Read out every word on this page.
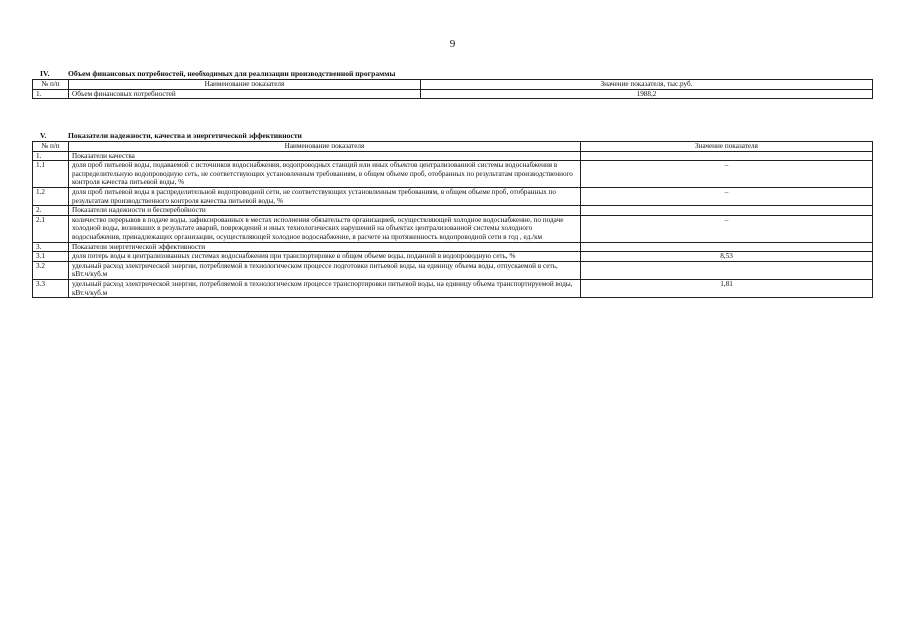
9
IV. Объем финансовых потребностей, необходимых для реализации производственной программы
№ п/п	Наименование показателя	Значение показателя, тыс.руб.
1.	Объем финансовых потребностей	1988,2
V.	Показатели надежности, качества и энергетической эффективности
№ п/п	Наименование показателя	Значение показателя
1.	Показатели качества	
1.1	доля проб питьевой воды, подаваемой с источников водоснабжения, водопроводных станций или иных объектов централизованной системы водоснабжения в распределительную водопроводную сеть, не соответствующих установленным требованиям, в общем объеме проб, отобранных по результатам производственного контроля качества питьевой воды, %	–
1.2	доля проб питьевой воды в распределительной водопроводной сети, не соответствующих установленным требованиям, в общем объеме проб, отобранных по результатам производственного контроля качества питьевой воды, %	–
2.	Показатели надежности и бесперебойности	
2.1	количество перерывов в подаче воды, зафиксированных в местах исполнения обязательств организацией, осуществляющей холодное водоснабжение, по подаче холодной воды, возникших в результате аварий, повреждений и иных технологических нарушений на объектах централизованной системы холодного водоснабжения, принадлежащих организации, осуществляющей холодное водоснабжение, в расчете на протяженность водопроводной сети в год , ед./км	–
3.	Показатели энергетической эффективности	
3.1	доля потерь воды в централизованных системах водоснабжения при транспортировке в общем объеме воды, поданной в водопроводную сеть, %	8,53
3.2	удельный расход электрической энергии, потребляемой в технологическом процессе подготовки питьевой воды, на единицу объема воды, отпускаемой в сеть, кВт.ч/куб.м	
3.3	удельный расход электрической энергии, потребляемой в технологическом процессе транспортировки питьевой воды, на единицу объема транспортируемой воды, кВт.ч/куб.м	1,81
